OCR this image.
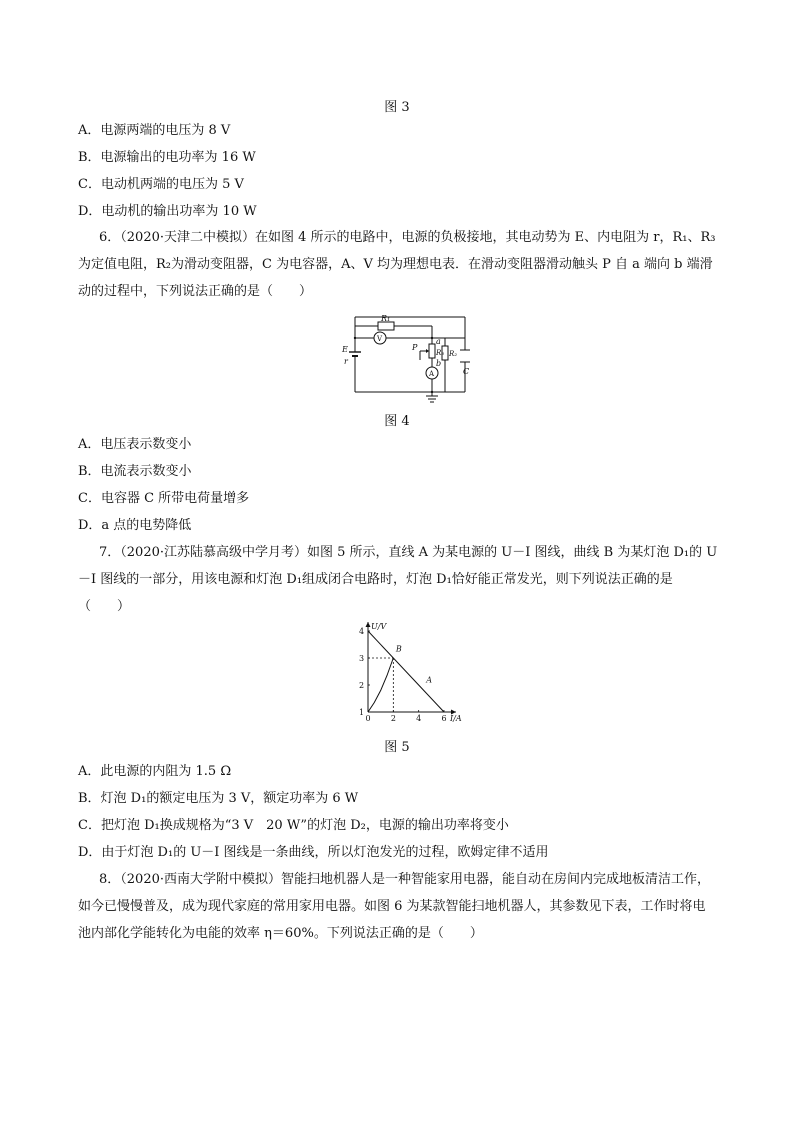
图 3
A．电源两端的电压为 8 V
B．电源输出的电功率为 16 W
C．电动机两端的电压为 5 V
D．电动机的输出功率为 10 W
6．（2020·天津二中模拟）在如图 4 所示的电路中，电源的负极接地，其电动势为 E、内电阻为 r，R₁、R₃为定值电阻，R₂为滑动变阻器，C 为电容器，A、V 均为理想电表．在滑动变阻器滑动触头 P 自 a 端向 b 端滑动的过程中，下列说法正确的是（　　）
R₁
V	a
P
R₃
b
A
R₂
C
E
r
图 4
A．电压表示数变小
B．电流表示数变小
C．电容器 C 所带电荷量增多
D．a 点的电势降低
7．（2020·江苏陆慕高级中学月考）如图 5 所示，直线 A 为某电源的 U－I 图线，曲线 B 为某灯泡 D₁的 U－I 图线的一部分，用该电源和灯泡 D₁组成闭合电路时，灯泡 D₁恰好能正常发光，则下列说法正确的是（　　）
U/V
I/A
0	2	4	6
1
2
3
4
B
A
图 5
A．此电源的内阻为 1.5 Ω
B．灯泡 D₁的额定电压为 3 V，额定功率为 6 W
C．把灯泡 D₁换成规格为“3 V　20 W”的灯泡 D₂，电源的输出功率将变小
D．由于灯泡 D₁的 U－I 图线是一条曲线，所以灯泡发光的过程，欧姆定律不适用
8．（2020·西南大学附中模拟）智能扫地机器人是一种智能家用电器，能自动在房间内完成地板清洁工作，如今已慢慢普及，成为现代家庭的常用家用电器。如图 6 为某款智能扫地机器人，其参数见下表，工作时将电池内部化学能转化为电能的效率 η＝60%。下列说法正确的是（　　）
